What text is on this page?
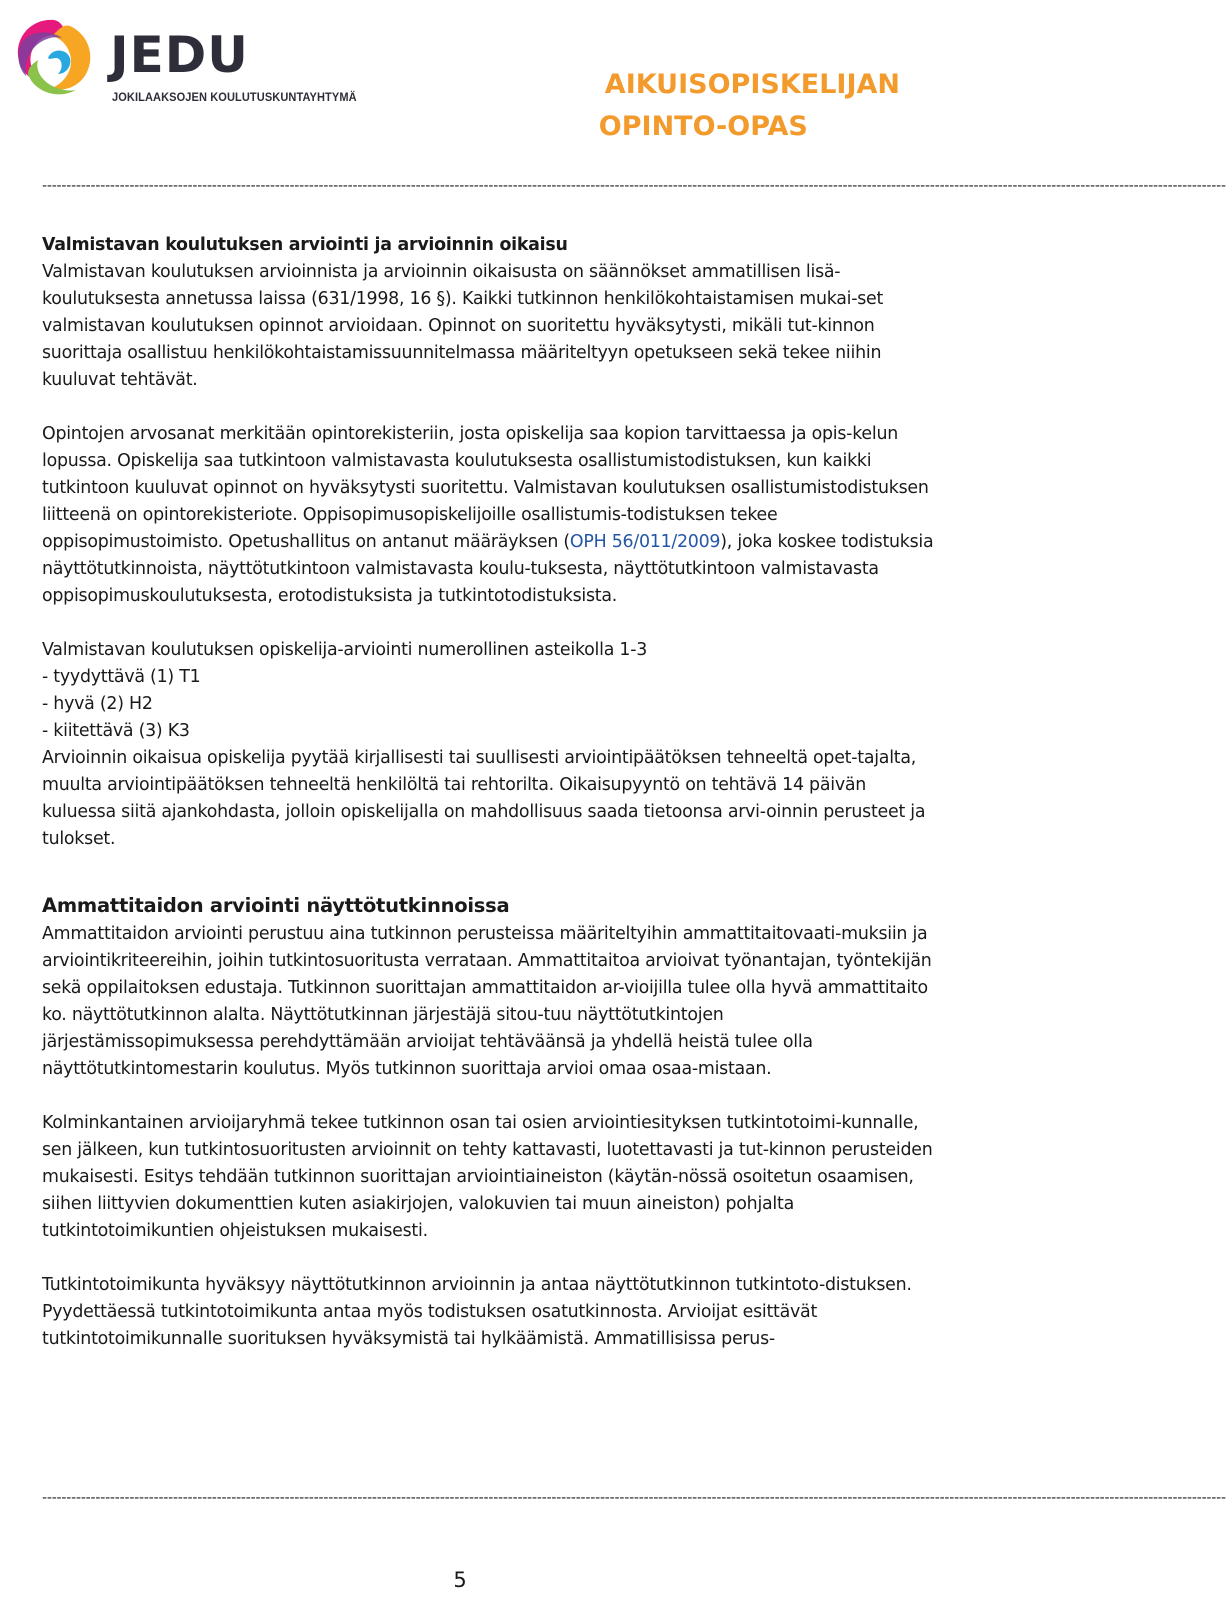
JEDU
JOKILAAKSOJEN KOULUTUSKUNTAYHTYMÄ	AIKUISOPISKELIJAN
OPINTO-OPAS
----------------------------------------------------------------------------------------------------------------------------------------------------------------------------------------------------------------------------------------------------
Valmistavan koulutuksen arviointi ja arvioinnin oikaisu

Valmistavan koulutuksen arvioinnista ja arvioinnin oikaisusta on säännökset ammatillisen lisä-koulutuksesta annetussa laissa (631/1998, 16 §). Kaikki tutkinnon henkilökohtaistamisen mukai-set valmistavan koulutuksen opinnot arvioidaan. Opinnot on suoritettu hyväksytysti, mikäli tut-kinnon suorittaja osallistuu henkilökohtaistamissuunnitelmassa määriteltyyn opetukseen sekä tekee niihin kuuluvat tehtävät.

Opintojen arvosanat merkitään opintorekisteriin, josta opiskelija saa kopion tarvittaessa ja opis-kelun lopussa. Opiskelija saa tutkintoon valmistavasta koulutuksesta osallistumistodistuksen, kun kaikki tutkintoon kuuluvat opinnot on hyväksytysti suoritettu. Valmistavan koulutuksen osallistumistodistuksen liitteenä on opintorekisteriote. Oppisopimusopiskelijoille osallistumis-todistuksen tekee oppisopimustoimisto. Opetushallitus on antanut määräyksen (OPH 56/011/2009), joka koskee todistuksia näyttötutkinnoista, näyttötutkintoon valmistavasta koulu-tuksesta, näyttötutkintoon valmistavasta
oppisopimuskoulutuksesta, erotodistuksista ja tutkintotodistuksista.

Valmistavan koulutuksen opiskelija-arviointi numerollinen asteikolla 1-3

- tyydyttävä (1) T1

- hyvä (2) H2

- kiitettävä (3) K3

Arvioinnin oikaisua opiskelija pyytää kirjallisesti tai suullisesti arviointipäätöksen tehneeltä opet-tajalta, muulta arviointipäätöksen tehneeltä henkilöltä tai rehtorilta. Oikaisupyyntö on tehtävä 14 päivän kuluessa siitä ajankohdasta, jolloin opiskelijalla on mahdollisuus saada tietoonsa arvi-oinnin perusteet ja tulokset.

Ammattitaidon arviointi näyttötutkinnoissa

Ammattitaidon arviointi perustuu aina tutkinnon perusteissa määriteltyihin ammattitaitovaati-muksiin ja arviointikriteereihin, joihin tutkintosuoritusta verrataan. Ammattitaitoa arvioivat työnantajan, työntekijän sekä oppilaitoksen edustaja. Tutkinnon suorittajan ammattitaidon ar-vioijilla tulee olla hyvä ammattitaito ko. näyttötutkinnon alalta. Näyttötutkinnan järjestäjä sitou-tuu näyttötutkintojen järjestämissopimuksessa perehdyttämään arvioijat tehtäväänsä ja yhdellä heistä tulee olla näyttötutkintomestarin koulutus. Myös tutkinnon suorittaja arvioi omaa osaa-mistaan.

Kolminkantainen arvioijaryhmä tekee tutkinnon osan tai osien arviointiesityksen tutkintotoimi-kunnalle, sen jälkeen, kun tutkintosuoritusten arvioinnit on tehty kattavasti, luotettavasti ja tut-kinnon perusteiden mukaisesti. Esitys tehdään tutkinnon suorittajan arviointiaineiston (käytän-nössä osoitetun osaamisen, siihen liittyvien dokumenttien kuten asiakirjojen, valokuvien tai muun aineiston) pohjalta tutkintotoimikuntien ohjeistuksen mukaisesti.

Tutkintotoimikunta hyväksyy näyttötutkinnon arvioinnin ja antaa näyttötutkinnon tutkintoto-distuksen. Pyydettäessä tutkintotoimikunta antaa myös todistuksen osatutkinnosta. Arvioijat esittävät tutkintotoimikunnalle suorituksen hyväksymistä tai hylkäämistä. Ammatillisissa perus-

----------------------------------------------------------------------------------------------------------------------------------------------------------------------------------------------------------------------------------------------------
5
